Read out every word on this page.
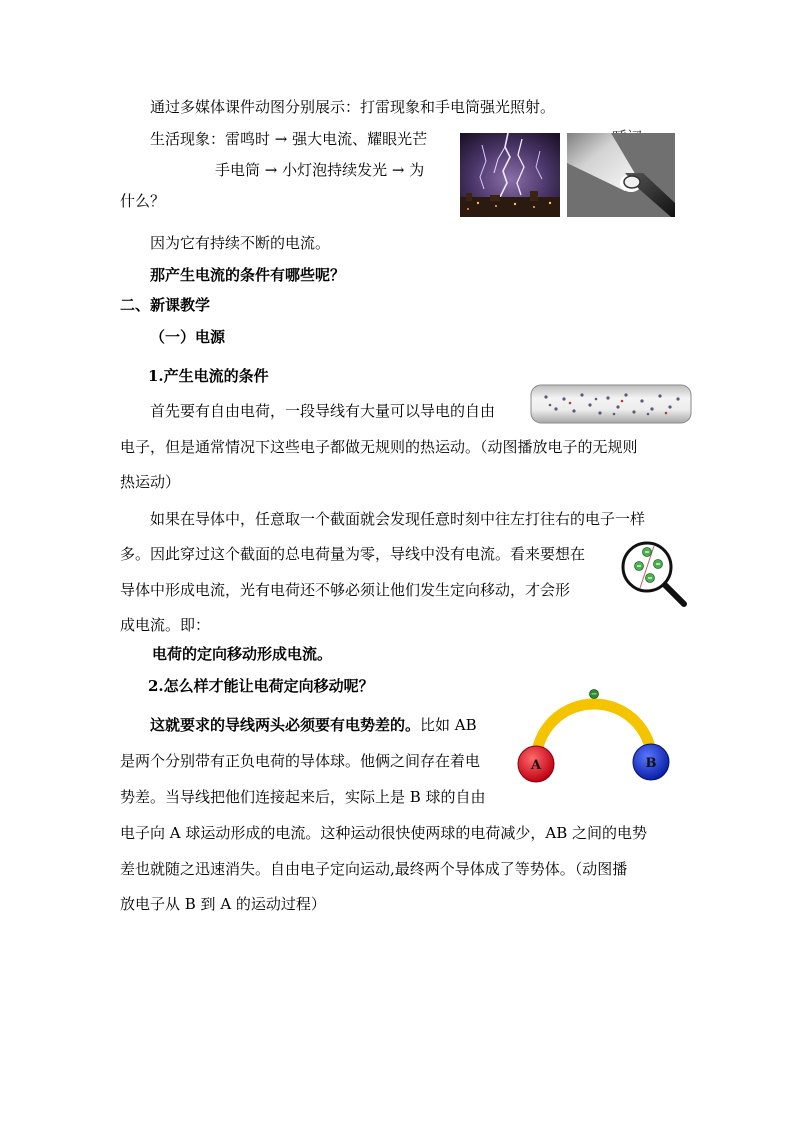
通过多媒体课件动图分别展示：打雷现象和手电筒强光照射。
生活现象：雷鸣时 → 强大电流、耀眼光芒
手电筒 → 小灯泡持续发光 → 为
什么？
因为它有持续不断的电流。
那产生电流的条件有哪些呢？
二、新课教学
（一）电源
1.产生电流的条件
首先要有自由电荷，一段导线有大量可以导电的自由
电子，但是通常情况下这些电子都做无规则的热运动。（动图播放电子的无规则
热运动）
如果在导体中，任意取一个截面就会发现任意时刻中往左打往右的电子一样
多。因此穿过这个截面的总电荷量为零，导线中没有电流。看来要想在
导体中形成电流，光有电荷还不够必须让他们发生定向移动，才会形
成电流。即：
电荷的定向移动形成电流。
2.怎么样才能让电荷定向移动呢？	−
A	B
这就要求的导线两头必须要有电势差的。比如 AB
是两个分别带有正负电荷的导体球。他俩之间存在着电
势差。当导线把他们连接起来后，实际上是 B 球的自由
电子向 A 球运动形成的电流。这种运动很快使两球的电荷减少，AB 之间的电势
差也就随之迅速消失。自由电子定向运动,最终两个导体成了等势体。（动图播
放电子从 B 到 A 的运动过程）
